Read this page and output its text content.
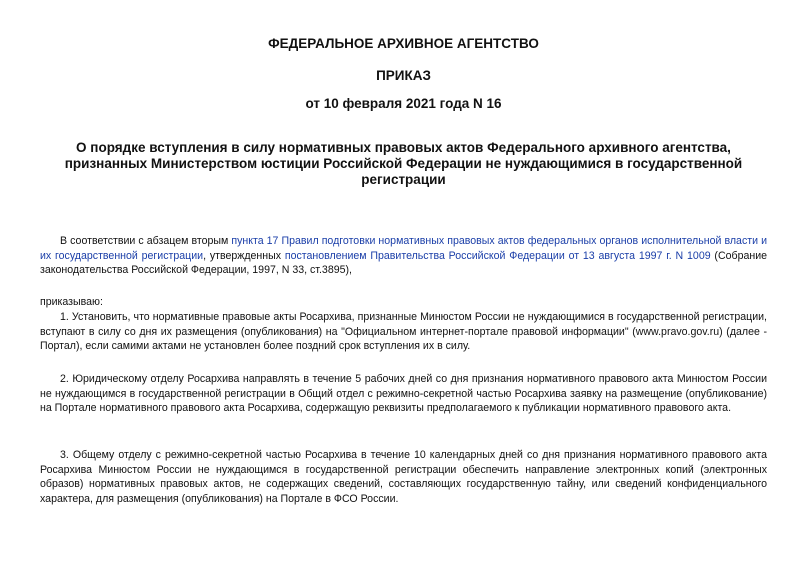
ФЕДЕРАЛЬНОЕ АРХИВНОЕ АГЕНТСТВО
ПРИКАЗ
от 10 февраля 2021 года N 16
О порядке вступления в силу нормативных правовых актов Федерального архивного агентства, признанных Министерством юстиции Российской Федерации не нуждающимися в государственной регистрации

В соответствии с абзацем вторым пункта 17 Правил подготовки нормативных правовых актов федеральных органов исполнительной власти и их государственной регистрации, утвержденных постановлением Правительства Российской Федерации от 13 августа 1997 г. N 1009 (Собрание законодательства Российской Федерации, 1997, N 33, ст.3895),

приказываю:

1. Установить, что нормативные правовые акты Росархива, признанные Минюстом России не нуждающимися в государственной регистрации, вступают в силу со дня их размещения (опубликования) на "Официальном интернет-портале правовой информации" (www.pravo.gov.ru) (далее - Портал), если самими актами не установлен более поздний срок вступления их в силу.

2. Юридическому отделу Росархива направлять в течение 5 рабочих дней со дня признания нормативного правового акта Минюстом России не нуждающимся в государственной регистрации в Общий отдел с режимно-секретной частью Росархива заявку на размещение (опубликование) на Портале нормативного правового акта Росархива, содержащую реквизиты предполагаемого к публикации нормативного правового акта.

3. Общему отделу с режимно-секретной частью Росархива в течение 10 календарных дней со дня признания нормативного правового акта Росархива Минюстом России не нуждающимся в государственной регистрации обеспечить направление электронных копий (электронных образов) нормативных правовых актов, не содержащих сведений, составляющих государственную тайну, или сведений конфиденциального характера, для размещения (опубликования) на Портале в ФСО России.
